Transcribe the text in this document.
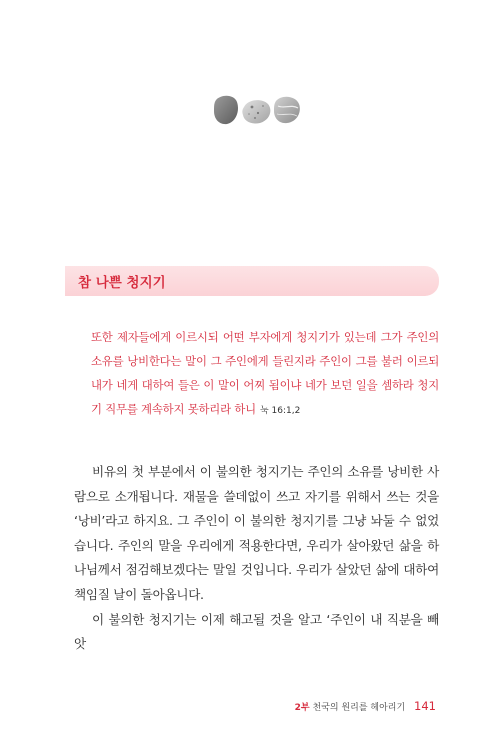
참 나쁜 청지기
또한 제자들에게 이르시되 어떤 부자에게 청지기가 있는데 그가 주인의 소유를 낭비한다는 말이 그 주인에게 들린지라 주인이 그를 불러 이르되 내가 네게 대하여 들은 이 말이 어찌 됨이냐 네가 보던 일을 셈하라 청지기 직무를 계속하지 못하리라 하니 눅 16:1,2

비유의 첫 부분에서 이 불의한 청지기는 주인의 소유를 낭비한 사람으로 소개됩니다. 재물을 쓸데없이 쓰고 자기를 위해서 쓰는 것을 ‘낭비’라고 하지요. 그 주인이 이 불의한 청지기를 그냥 놔둘 수 없었습니다. 주인의 말을 우리에게 적용한다면, 우리가 살아왔던 삶을 하나님께서 점검해보겠다는 말일 것입니다. 우리가 살았던 삶에 대하여 책임질 날이 돌아옵니다.

이 불의한 청지기는 이제 해고될 것을 알고 ‘주인이 내 직분을 빼앗

2부 천국의 원리를 헤아리기 141
